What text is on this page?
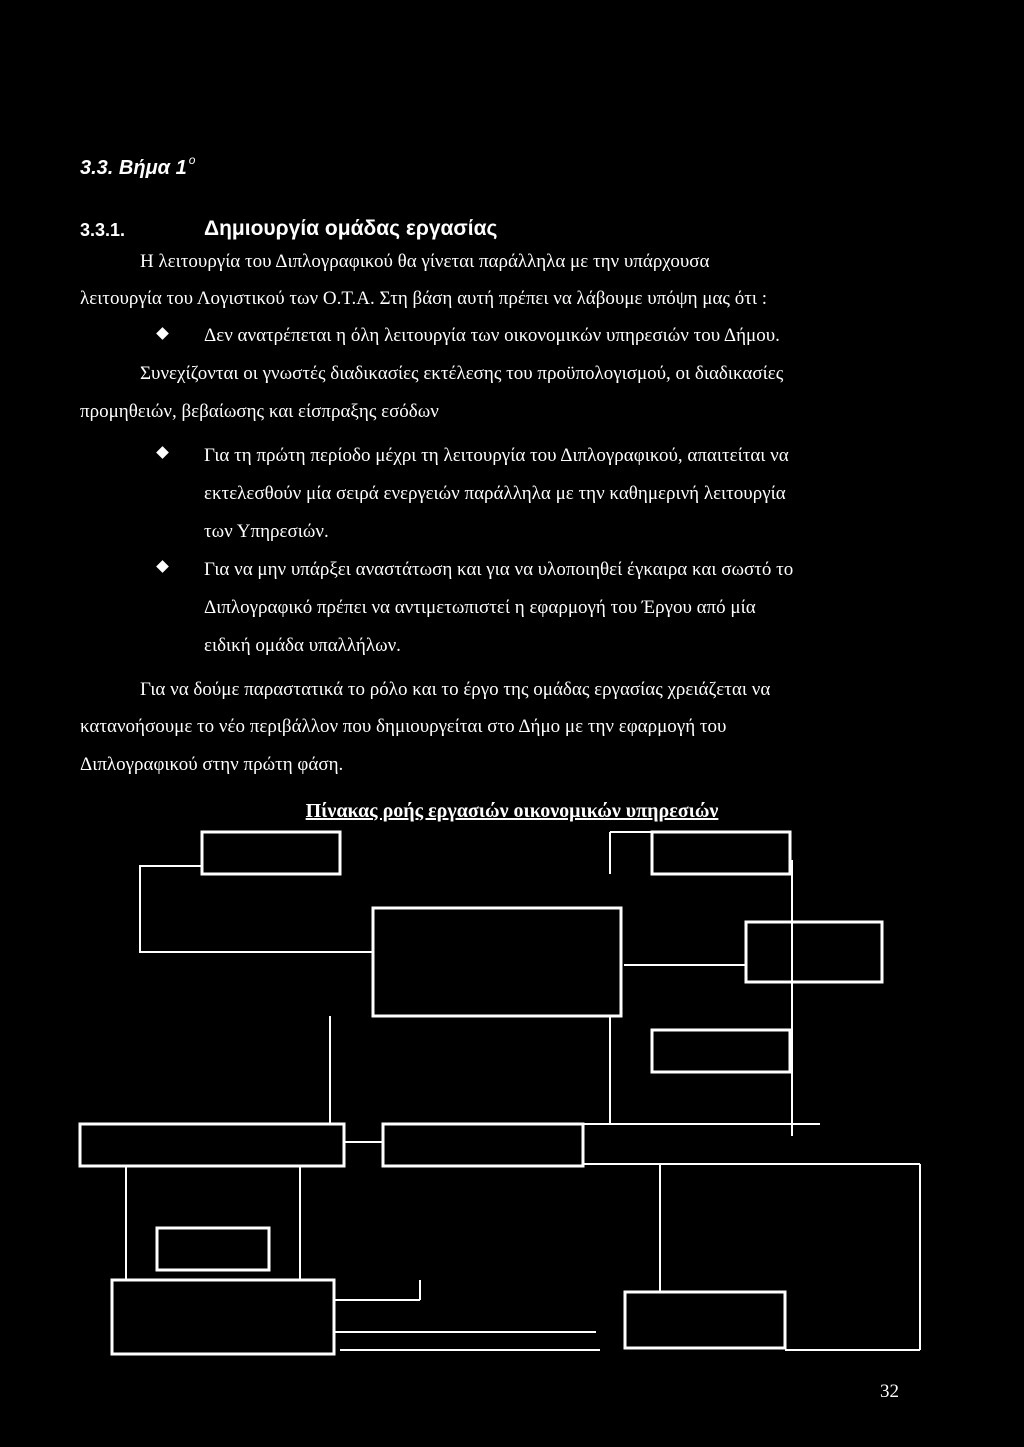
3.3. Βήμα 1 $^o$
3.3.1.	Δημιουργία ομάδας εργασίας
Η λειτουργία του Διπλογραφικού θα γίνεται παράλληλα με την υπάρχουσα
λειτουργία του Λογιστικού των Ο.Τ.Α. Στη βάση αυτή πρέπει να λάβουμε υπόψη μας ότι :
Δεν ανατρέπεται η όλη λειτουργία των οικονομικών υπηρεσιών του Δήμου.
Συνεχίζονται οι γνωστές διαδικασίες εκτέλεσης του προϋπολογισμού, οι διαδικασίες
προμηθειών, βεβαίωσης και είσπραξης εσόδων
Για τη πρώτη περίοδο μέχρι τη λειτουργία του Διπλογραφικού, απαιτείται να
εκτελεσθούν μία σειρά ενεργειών παράλληλα με την καθημερινή λειτουργία
των Υπηρεσιών.
Για να μην υπάρξει αναστάτωση και για να υλοποιηθεί έγκαιρα και σωστό το
Διπλογραφικό πρέπει να αντιμετωπιστεί η εφαρμογή του Έργου από μία
ειδική ομάδα υπαλλήλων.
Για να δούμε παραστατικά το ρόλο και το έργο της ομάδας εργασίας χρειάζεται να
κατανοήσουμε το νέο περιβάλλον που δημιουργείται στο Δήμο με την εφαρμογή του
Διπλογραφικού στην πρώτη φάση.
Πίνακας ροής εργασιών οικονομικών υπηρεσιών
32
